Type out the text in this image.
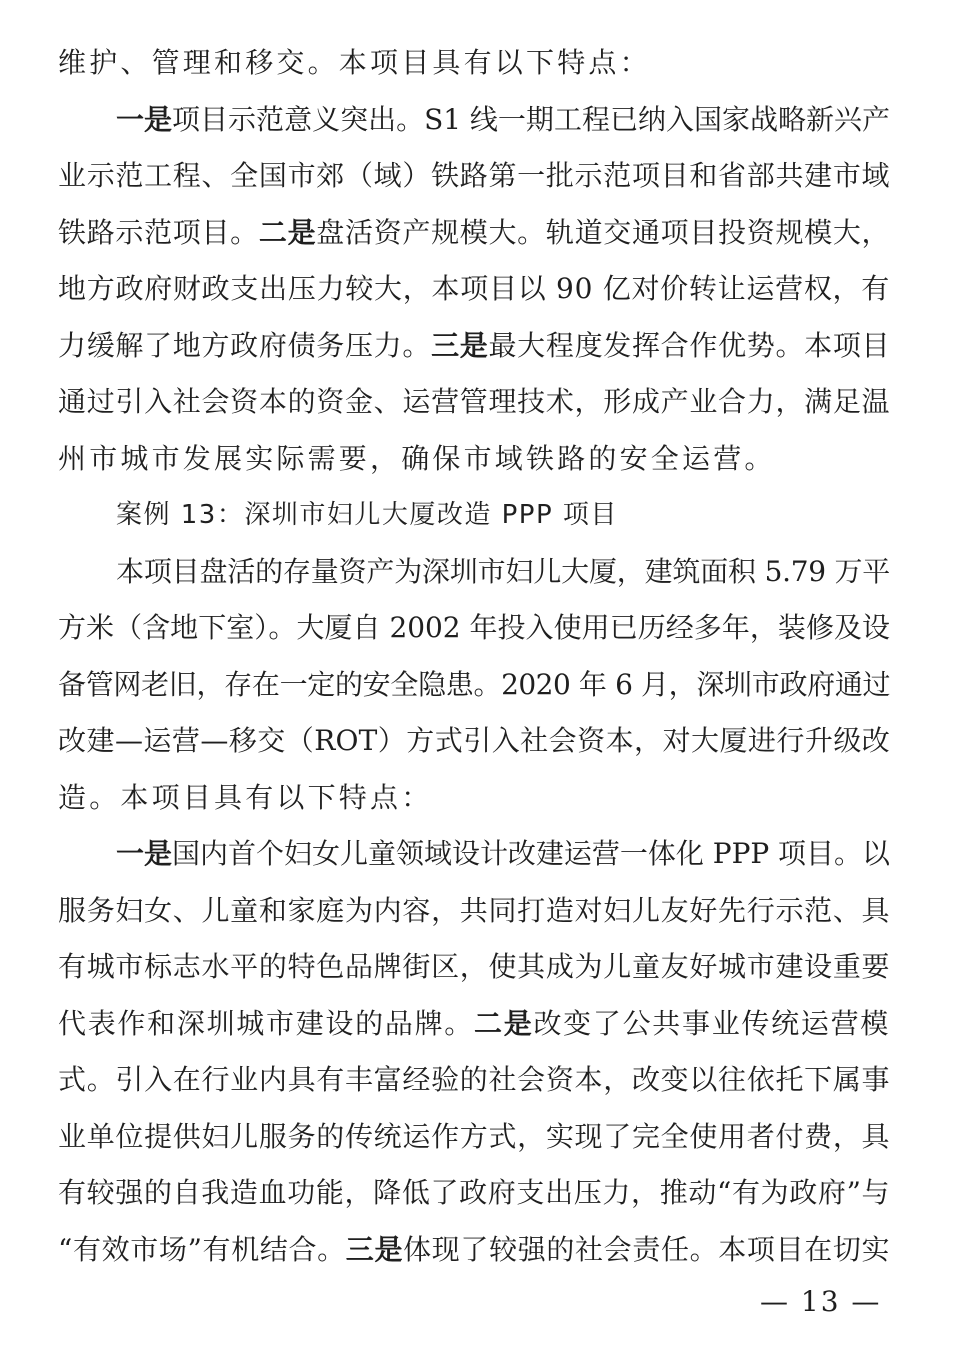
维护、管理和移交。本项目具有以下特点：
一是项目示范意义突出。S1 线一期工程已纳入国家战略新兴产
业示范工程、全国市郊（域）铁路第一批示范项目和省部共建市域
铁路示范项目。二是盘活资产规模大。轨道交通项目投资规模大，
地方政府财政支出压力较大，本项目以 90 亿对价转让运营权，有
力缓解了地方政府债务压力。三是最大程度发挥合作优势。本项目
通过引入社会资本的资金、运营管理技术，形成产业合力，满足温
州市城市发展实际需要，确保市域铁路的安全运营。
案例 13：深圳市妇儿大厦改造 PPP 项目
本项目盘活的存量资产为深圳市妇儿大厦，建筑面积 5.79 万平
方米（含地下室）。大厦自 2002 年投入使用已历经多年，装修及设
备管网老旧，存在一定的安全隐患。2020 年 6 月，深圳市政府通过
改建—运营—移交（ROT）方式引入社会资本，对大厦进行升级改
造。本项目具有以下特点：
一是国内首个妇女儿童领域设计改建运营一体化 PPP 项目。以
服务妇女、儿童和家庭为内容，共同打造对妇儿友好先行示范、具
有城市标志水平的特色品牌街区，使其成为儿童友好城市建设重要
代表作和深圳城市建设的品牌。二是改变了公共事业传统运营模
式。引入在行业内具有丰富经验的社会资本，改变以往依托下属事
业单位提供妇儿服务的传统运作方式，实现了完全使用者付费，具
有较强的自我造血功能，降低了政府支出压力，推动“有为政府”与
“有效市场”有机结合。三是体现了较强的社会责任。本项目在切实
— 13 —
